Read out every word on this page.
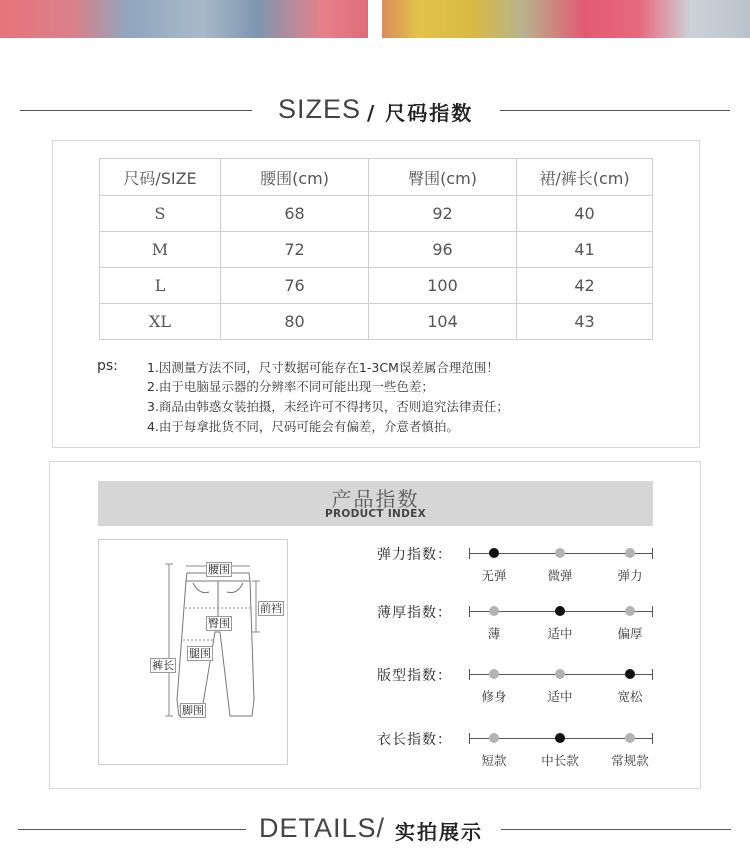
SIZES / 尺码指数
尺码/SIZE	腰围(cm)	臀围(cm)	裙/裤长(cm)
S	68	92	40
M	72	96	41
L	76	100	42
XL	80	104	43
ps: 1.因测量方法不同，尺寸数据可能存在1-3CM误差属合理范围！
2.由于电脑显示器的分辨率不同可能出现一些色差；
3.商品由韩惑女装拍摄，未经许可不得拷贝，否则追究法律责任；
4.由于每拿批货不同，尺码可能会有偏差，介意者慎拍。
产品指数
PRODUCT INDEX
腰围
前裆
臀围
腿围
裤长
脚围
弹力指数：
无弹	微弹	弹力
薄厚指数：
薄	适中	偏厚
版型指数：
修身	适中	宽松
衣长指数：
短款	中长款	常规款
DETAILS/ 实拍展示
